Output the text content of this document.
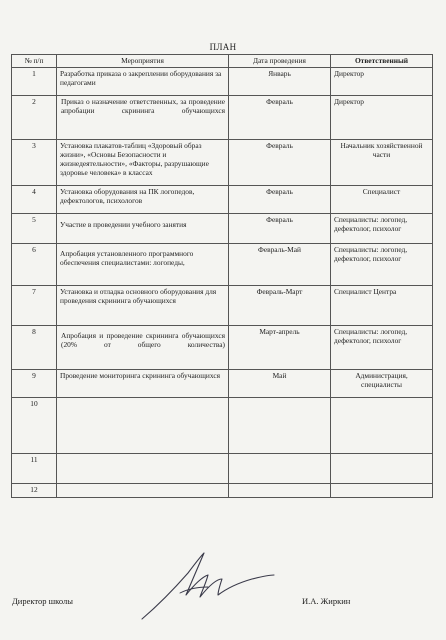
ПЛАН
№ п/п	Мероприятия	Дата проведения	Ответственный
1	Разработка приказа о закреплении оборудования за педагогами	Январь	Директор
2	Приказ о назначение ответственных, за проведение апробации скрининга обучающихся	Февраль	Директор
3	Установка плакатов-таблиц «Здоровый образ жизни», «Основы Безопасности и жизнедеятельности», «Факторы, разрушающие здоровье человека» в классах	Февраль	Начальник хозяйственной части
4	Установка оборудования на ПК логопедов, дефектологов, психологов	Февраль	Специалист
5	Участие в проведении учебного занятия	Февраль	Специалисты: логопед, дефектолог, психолог
6	Апробация установленного программного обеспечения специалистами: логопеды,	Февраль-Май	Специалисты: логопед, дефектолог, психолог
7	Установка и отладка основного оборудования для проведения скрининга обучающихся	Февраль-Март	Специалист Центра
8	Апробация и проведение скрининга обучающихся (20% от общего количества)	Март-апрель	Специалисты: логопед, дефектолог, психолог
9	Проведение мониторинга скрининга обучающихся	Май	Администрация, специалисты
10			
11			
12			
Директор школы	И.А. Жиркин
